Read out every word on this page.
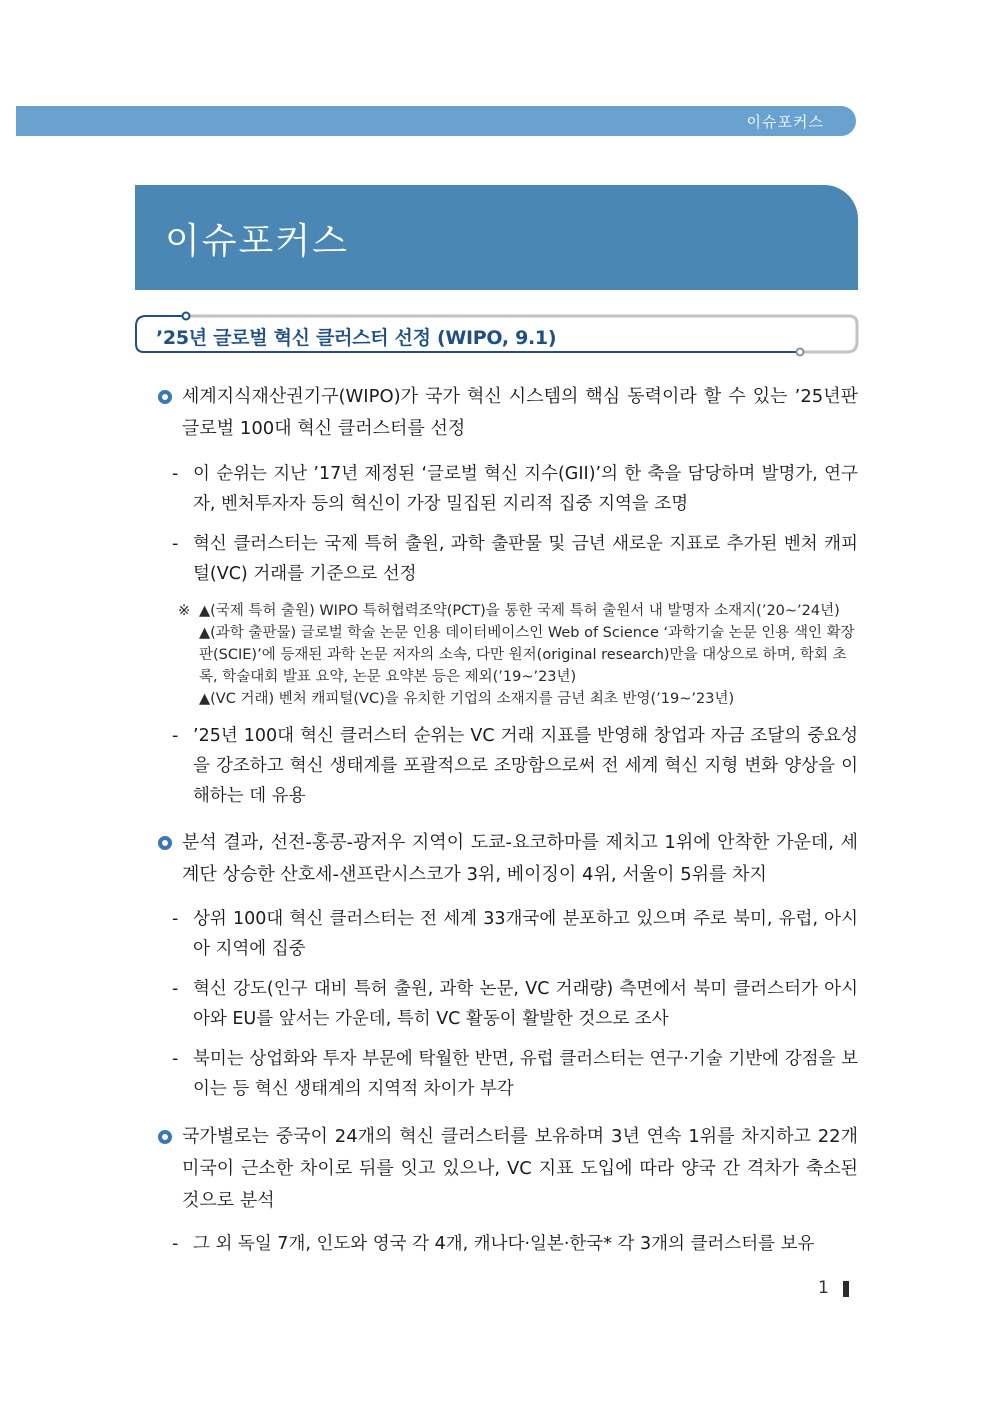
이슈포커스
이슈포커스
’25년 글로벌 혁신 클러스터 선정 (WIPO, 9.1)
세계지식재산권기구(WIPO)가 국가 혁신 시스템의 핵심 동력이라 할 수 있는 ’25년판 글로벌 100대 혁신 클러스터를 선정
- 이 순위는 지난 ’17년 제정된 ‘글로벌 혁신 지수(GII)’의 한 축을 담당하며 발명가, 연구자, 벤처투자자 등의 혁신이 가장 밀집된 지리적 집중 지역을 조명
- 혁신 클러스터는 국제 특허 출원, 과학 출판물 및 금년 새로운 지표로 추가된 벤처 캐피털(VC) 거래를 기준으로 선정
※ ▲(국제 특허 출원) WIPO 특허협력조약(PCT)을 통한 국제 특허 출원서 내 발명자 소재지(’20~’24년)
▲(과학 출판물) 글로벌 학술 논문 인용 데이터베이스인 Web of Science ‘과학기술 논문 인용 색인 확장판(SCIE)’에 등재된 과학 논문 저자의 소속, 다만 원저(original research)만을 대상으로 하며, 학회 초록, 학술대회 발표 요약, 논문 요약본 등은 제외(’19~’23년)
▲(VC 거래) 벤처 캐피털(VC)을 유치한 기업의 소재지를 금년 최초 반영(’19~’23년)
- ’25년 100대 혁신 클러스터 순위는 VC 거래 지표를 반영해 창업과 자금 조달의 중요성을 강조하고 혁신 생태계를 포괄적으로 조망함으로써 전 세계 혁신 지형 변화 양상을 이해하는 데 유용
분석 결과, 선전-홍콩-광저우 지역이 도쿄-요코하마를 제치고 1위에 안착한 가운데, 세 계단 상승한 산호세-샌프란시스코가 3위, 베이징이 4위, 서울이 5위를 차지
- 상위 100대 혁신 클러스터는 전 세계 33개국에 분포하고 있으며 주로 북미, 유럽, 아시아 지역에 집중
- 혁신 강도(인구 대비 특허 출원, 과학 논문, VC 거래량) 측면에서 북미 클러스터가 아시아와 EU를 앞서는 가운데, 특히 VC 활동이 활발한 것으로 조사
- 북미는 상업화와 투자 부문에 탁월한 반면, 유럽 클러스터는 연구·기술 기반에 강점을 보이는 등 혁신 생태계의 지역적 차이가 부각
국가별로는 중국이 24개의 혁신 클러스터를 보유하며 3년 연속 1위를 차지하고 22개 미국이 근소한 차이로 뒤를 잇고 있으나, VC 지표 도입에 따라 양국 간 격차가 축소된 것으로 분석
- 그 외 독일 7개, 인도와 영국 각 4개, 캐나다·일본·한국* 각 3개의 클러스터를 보유
1
